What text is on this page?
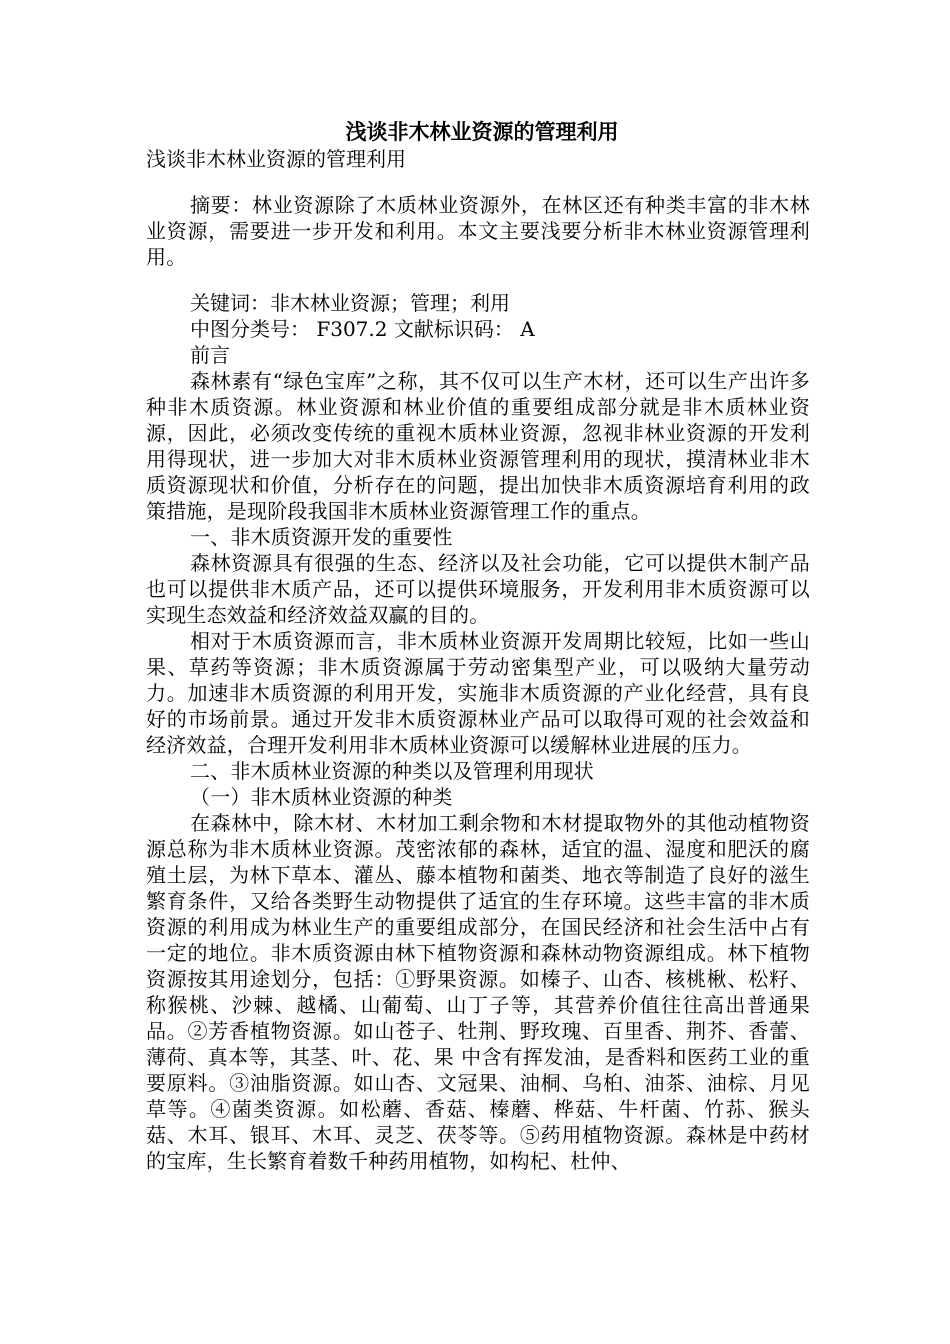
浅谈非木林业资源的管理利用
浅谈非木林业资源的管理利用

摘要：林业资源除了木质林业资源外，在林区还有种类丰富的非木林业资源，需要进一步开发和利用。本文主要浅要分析非木林业资源管理利用。

关键词：非木林业资源；管理；利用
中图分类号： F307.2 文献标识码： A
前言

森林素有“绿色宝库”之称，其不仅可以生产木材，还可以生产出许多种非木质资源。林业资源和林业价值的重要组成部分就是非木质林业资源，因此，必须改变传统的重视木质林业资源，忽视非林业资源的开发利用得现状，进一步加大对非木质林业资源管理利用的现状，摸清林业非木质资源现状和价值，分析存在的问题，提出加快非木质资源培育利用的政策措施，是现阶段我国非木质林业资源管理工作的重点。

一、非木质资源开发的重要性

森林资源具有很强的生态、经济以及社会功能，它可以提供木制产品也可以提供非木质产品，还可以提供环境服务，开发利用非木质资源可以实现生态效益和经济效益双赢的目的。

相对于木质资源而言，非木质林业资源开发周期比较短，比如一些山果、草药等资源；非木质资源属于劳动密集型产业，可以吸纳大量劳动力。加速非木质资源的利用开发，实施非木质资源的产业化经营，具有良好的市场前景。通过开发非木质资源林业产品可以取得可观的社会效益和经济效益，合理开发利用非木质林业资源可以缓解林业进展的压力。

二、非木质林业资源的种类以及管理利用现状

（一）非木质林业资源的种类

在森林中，除木材、木材加工剩余物和木材提取物外的其他动植物资源总称为非木质林业资源。茂密浓郁的森林，适宜的温、湿度和肥沃的腐殖土层，为林下草本、灌丛、藤本植物和菌类、地衣等制造了良好的滋生繁育条件，又给各类野生动物提供了适宜的生存环境。这些丰富的非木质资源的利用成为林业生产的重要组成部分，在国民经济和社会生活中占有一定的地位。非木质资源由林下植物资源和森林动物资源组成。林下植物资源按其用途划分，包括：①野果资源。如榛子、山杏、核桃楸、松籽、称猴桃、沙棘、越橘、山葡萄、山丁子等，其营养价值往往高出普通果品。②芳香植物资源。如山苍子、牡荆、野玫瑰、百里香、荆芥、香蕾、薄荷、真本等，其茎、叶、花、果 中含有挥发油，是香料和医药工业的重要原料。③油脂资源。如山杏、文冠果、油桐、乌桕、油茶、油棕、月见草等。④菌类资源。如松蘑、香菇、榛蘑、桦菇、牛杆菌、竹荪、猴头菇、木耳、银耳、木耳、灵芝、茯苓等。⑤药用植物资源。森林是中药材的宝库，生长繁育着数千种药用植物，如构杞、杜仲、
